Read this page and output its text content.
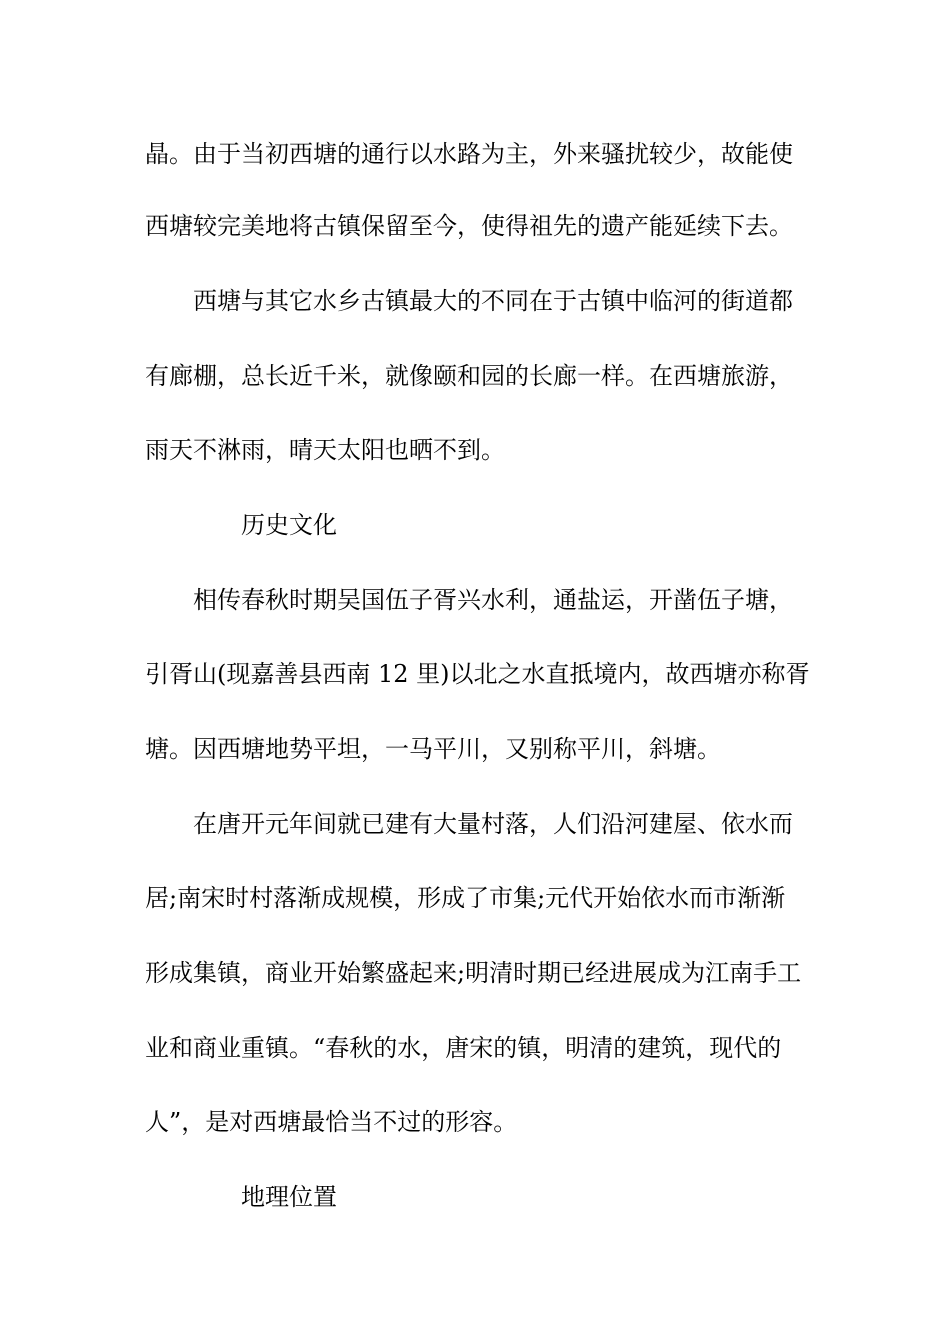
晶。由于当初西塘的通行以水路为主，外来骚扰较少，故能使
西塘较完美地将古镇保留至今，使得祖先的遗产能延续下去。
西塘与其它水乡古镇最大的不同在于古镇中临河的街道都
有廊棚，总长近千米，就像颐和园的长廊一样。在西塘旅游，
雨天不淋雨，晴天太阳也晒不到。
历史文化
相传春秋时期吴国伍子胥兴水利，通盐运，开凿伍子塘，
引胥山(现嘉善县西南 12 里)以北之水直抵境内，故西塘亦称胥
塘。因西塘地势平坦，一马平川，又别称平川，斜塘。
在唐开元年间就已建有大量村落，人们沿河建屋、依水而
居;南宋时村落渐成规模，形成了市集;元代开始依水而市渐渐
形成集镇，商业开始繁盛起来;明清时期已经进展成为江南手工
业和商业重镇。“春秋的水，唐宋的镇，明清的建筑，现代的
人”，是对西塘最恰当不过的形容。
地理位置
